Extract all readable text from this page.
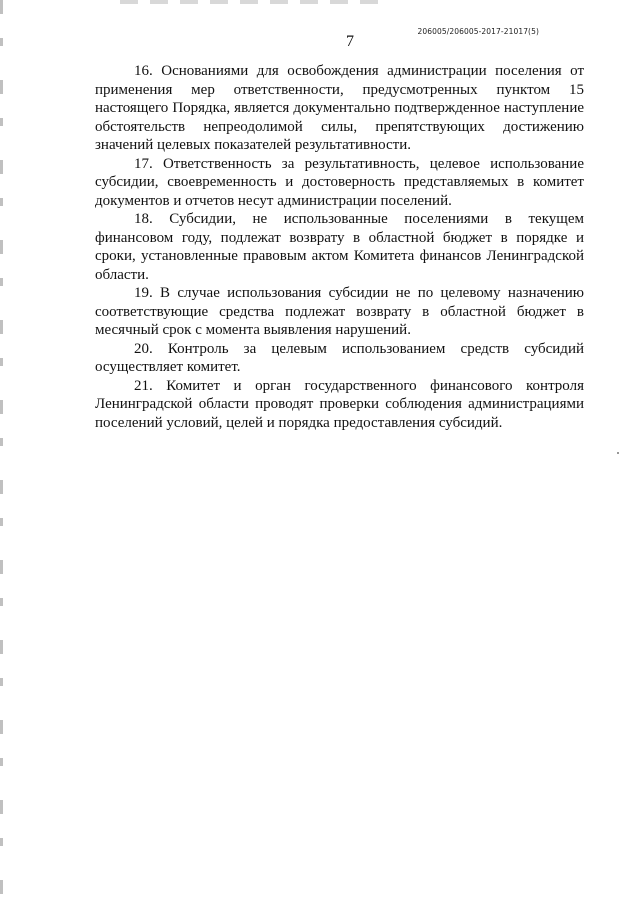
206005/206005-2017-21017(5)
7

16. Основаниями для освобождения администрации поселения от применения мер ответственности, предусмотренных пунктом 15 настоящего Порядка, является документально подтвержденное наступление обстоятельств непреодолимой силы, препятствующих достижению значений целевых показателей результативности.

17. Ответственность за результативность, целевое использование субсидии, своевременность и достоверность представляемых в комитет документов и отчетов несут администрации поселений.

18. Субсидии, не использованные поселениями в текущем финансовом году, подлежат возврату в областной бюджет в порядке и сроки, установленные правовым актом Комитета финансов Ленинградской области.

19. В случае использования субсидии не по целевому назначению соответствующие средства подлежат возврату в областной бюджет в месячный срок с момента выявления нарушений.

20. Контроль за целевым использованием средств субсидий осуществляет комитет.

21. Комитет и орган государственного финансового контроля Ленинградской области проводят проверки соблюдения администрациями поселений условий, целей и порядка предоставления субсидий.
